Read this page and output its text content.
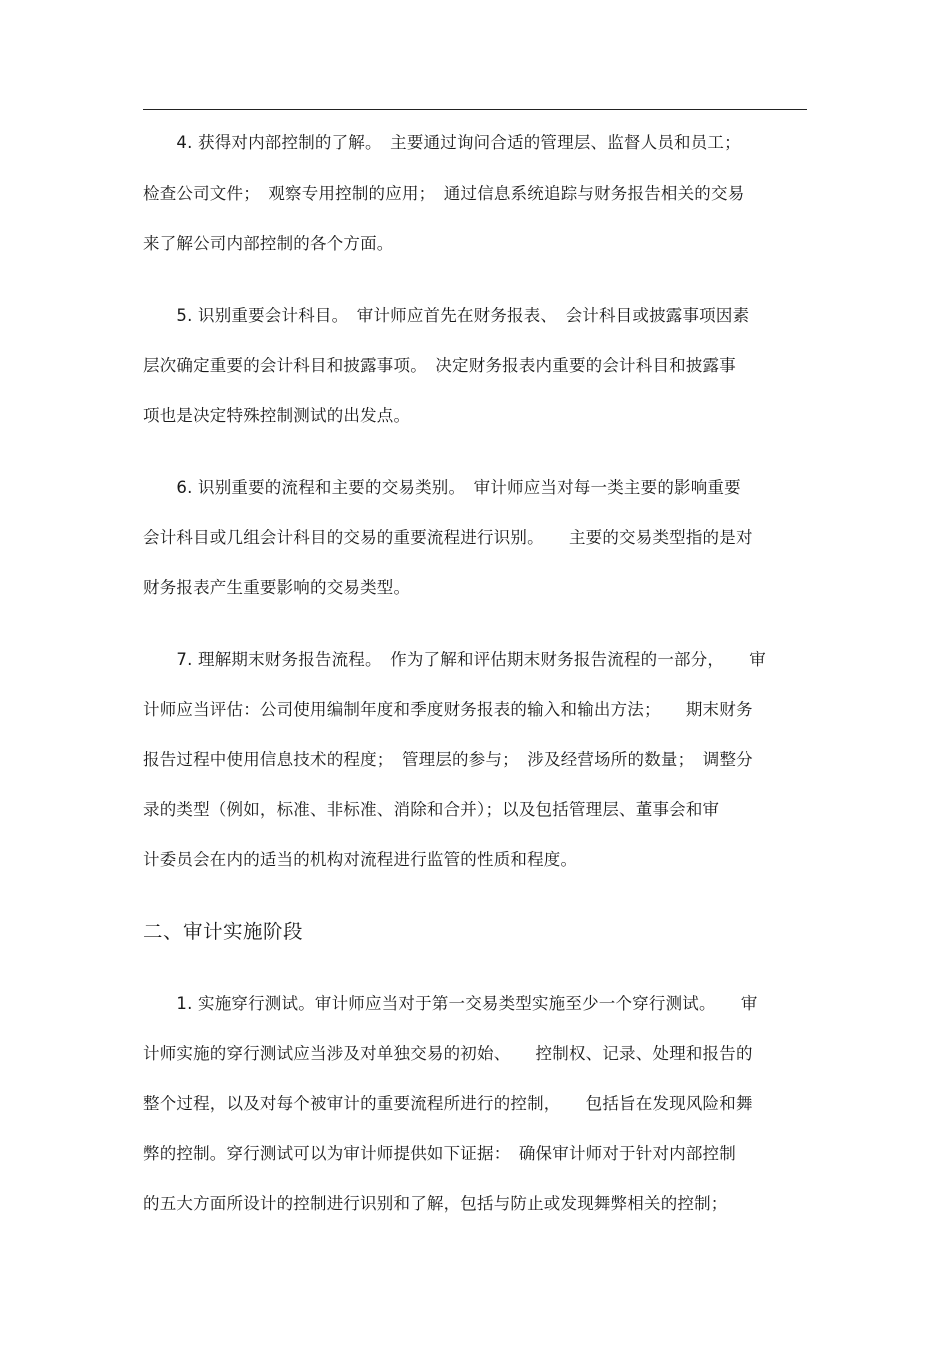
　　4. 获得对内部控制的了解。　主要通过询问合适的管理层、监督人员和员工；
检查公司文件；　观察专用控制的应用；　通过信息系统追踪与财务报告相关的交易
来了解公司内部控制的各个方面。
　　5. 识别重要会计科目。　审计师应首先在财务报表、　会计科目或披露事项因素
层次确定重要的会计科目和披露事项。　决定财务报表内重要的会计科目和披露事
项也是决定特殊控制测试的出发点。
　　6. 识别重要的流程和主要的交易类别。　审计师应当对每一类主要的影响重要
会计科目或几组会计科目的交易的重要流程进行识别。　　主要的交易类型指的是对
财务报表产生重要影响的交易类型。
　　7. 理解期末财务报告流程。　作为了解和评估期末财务报告流程的一部分，　　审
计师应当评估：公司使用编制年度和季度财务报表的输入和输出方法；　　期末财务
报告过程中使用信息技术的程度；　管理层的参与；　涉及经营场所的数量；　调整分
录的类型（例如，标准、非标准、消除和合并）；以及包括管理层、董事会和审
计委员会在内的适当的机构对流程进行监管的性质和程度。
二、审计实施阶段
　　1. 实施穿行测试。审计师应当对于第一交易类型实施至少一个穿行测试。　　审
计师实施的穿行测试应当涉及对单独交易的初始、　　控制权、记录、处理和报告的
整个过程，以及对每个被审计的重要流程所进行的控制，　　包括旨在发现风险和舞
弊的控制。穿行测试可以为审计师提供如下证据：　确保审计师对于针对内部控制
的五大方面所设计的控制进行识别和了解，包括与防止或发现舞弊相关的控制；
